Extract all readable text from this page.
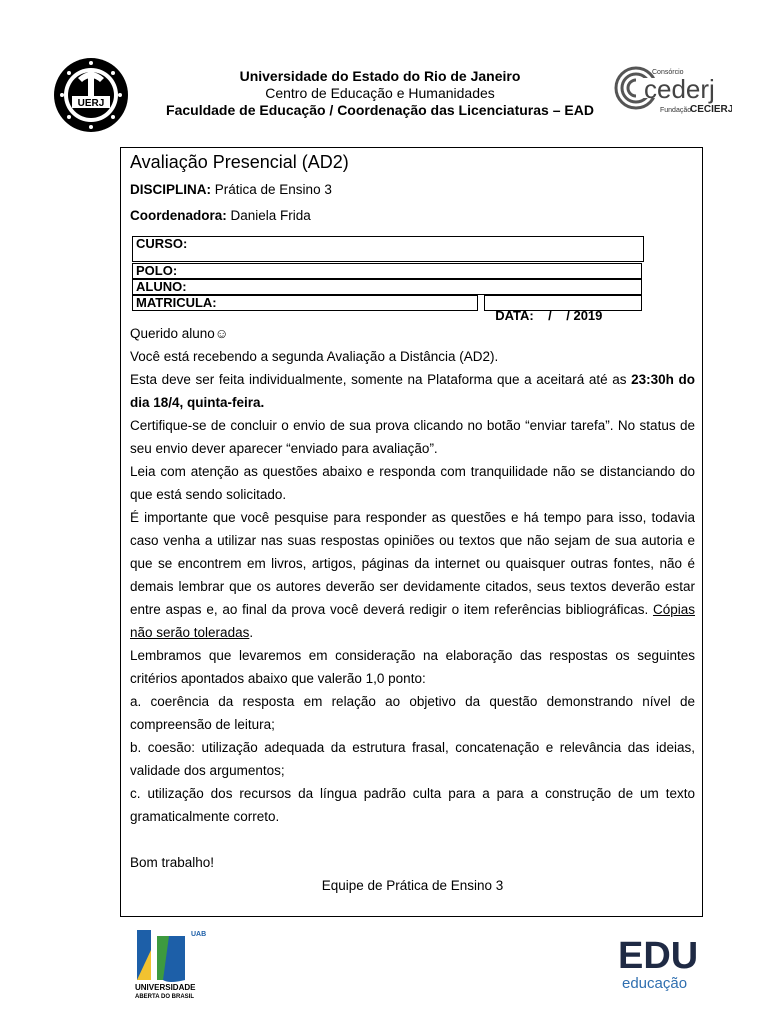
UERJ
Universidade do Estado do Rio de Janeiro
Centro de Educação e Humanidades
Faculdade de Educação / Coordenação das Licenciaturas – EAD
Consórcio
cederj
Fundação
CECIERJ
Avaliação Presencial (AD2)
DISCIPLINA: Prática de Ensino 3
Coordenadora: Daniela Frida
CURSO:
POLO:
ALUNO:
MATRICULA:

DATA:    /    / 2019

Querido aluno☺

Você está recebendo a segunda Avaliação a Distância (AD2).

Esta deve ser feita individualmente, somente na Plataforma que a aceitará até as 23:30h do dia 18/4, quinta-feira.

Certifique-se de concluir o envio de sua prova clicando no botão “enviar tarefa”. No status de seu envio dever aparecer “enviado para avaliação”.

Leia com atenção as questões abaixo e responda com tranquilidade não se distanciando do que está sendo solicitado.

É importante que você pesquise para responder as questões e há tempo para isso, todavia caso venha a utilizar nas suas respostas opiniões ou textos que não sejam de sua autoria e que se encontrem em livros, artigos, páginas da internet ou quaisquer outras fontes, não é demais lembrar que os autores deverão ser devidamente citados, seus textos deverão estar entre aspas e, ao final da prova você deverá redigir o item referências bibliográficas. Cópias não serão toleradas.

Lembramos que levaremos em consideração na elaboração das respostas os seguintes critérios apontados abaixo que valerão 1,0 ponto:

a. coerência da resposta em relação ao objetivo da questão demonstrando nível de compreensão de leitura;

b. coesão: utilização adequada da estrutura frasal, concatenação e relevância das ideias, validade dos argumentos;

c. utilização dos recursos da língua padrão culta para a para a construção de um texto gramaticalmente correto.

Bom trabalho!

Equipe de Prática de Ensino 3

UAB
UNIVERSIDADE
ABERTA DO BRASIL
EDU
educação
